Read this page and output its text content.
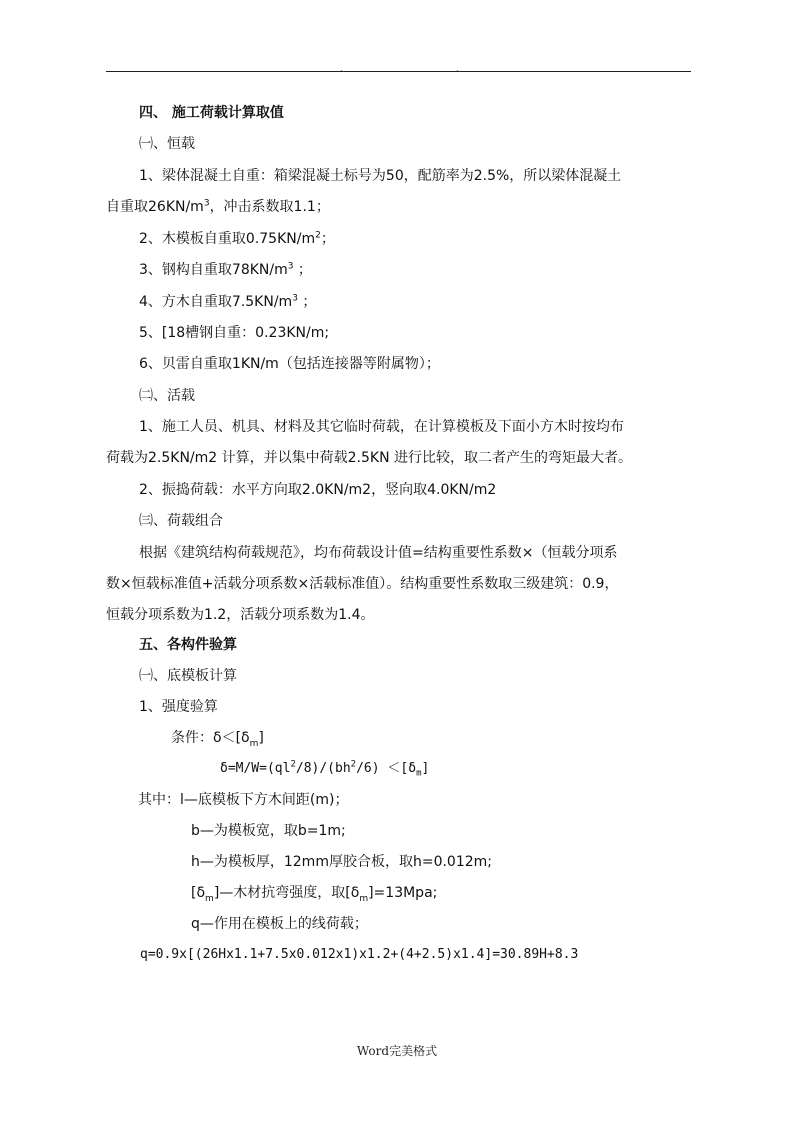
.	.
四、 施工荷载计算取值
㈠、恒载
1、梁体混凝土自重：箱梁混凝土标号为50，配筋率为2.5%，所以梁体混凝土
自重取$26KN/m^3$，冲击系数取1.1；
2、木模板自重取$0.75KN/m^2$；
3、钢构自重取$78KN/m^3$ ；
4、方木自重取$7.5KN/m^3$ ；
5、[18槽钢自重：0.23KN/m;
6、贝雷自重取1KN/m（包括连接器等附属物）；
㈡、活载
1、施工人员、机具、材料及其它临时荷载，在计算模板及下面小方木时按均布
荷载为2.5KN/m2 计算，并以集中荷载2.5KN 进行比较，取二者产生的弯矩最大者。
2、振捣荷载：水平方向取2.0KN/m2，竖向取4.0KN/m2
㈢、荷载组合
根据《建筑结构荷载规范》，均布荷载设计值=结构重要性系数×（恒载分项系
数×恒载标准值+活载分项系数×活载标准值）。结构重要性系数取三级建筑：0.9，
恒载分项系数为1.2，活载分项系数为1.4。
五、各构件验算
㈠、底模板计算
1、强度验算
条件：$\delta<[\delta_m]$
$\delta=M/W=(ql^2/8)/(bh^2/6) <[\delta_m]$
其中：l—底模板下方木间距(m)；
b—为模板宽，取b=1m;
h—为模板厚，12mm厚胶合板，取h=0.012m;
$[\delta_m]—$木材抗弯强度，取$[\delta_m]=13Mpa$;
q—作用在模板上的线荷载；
q=0.9x[(26Hx1.1+7.5x0.012x1)x1.2+(4+2.5)x1.4]=30.89H+8.3
Word完美格式
